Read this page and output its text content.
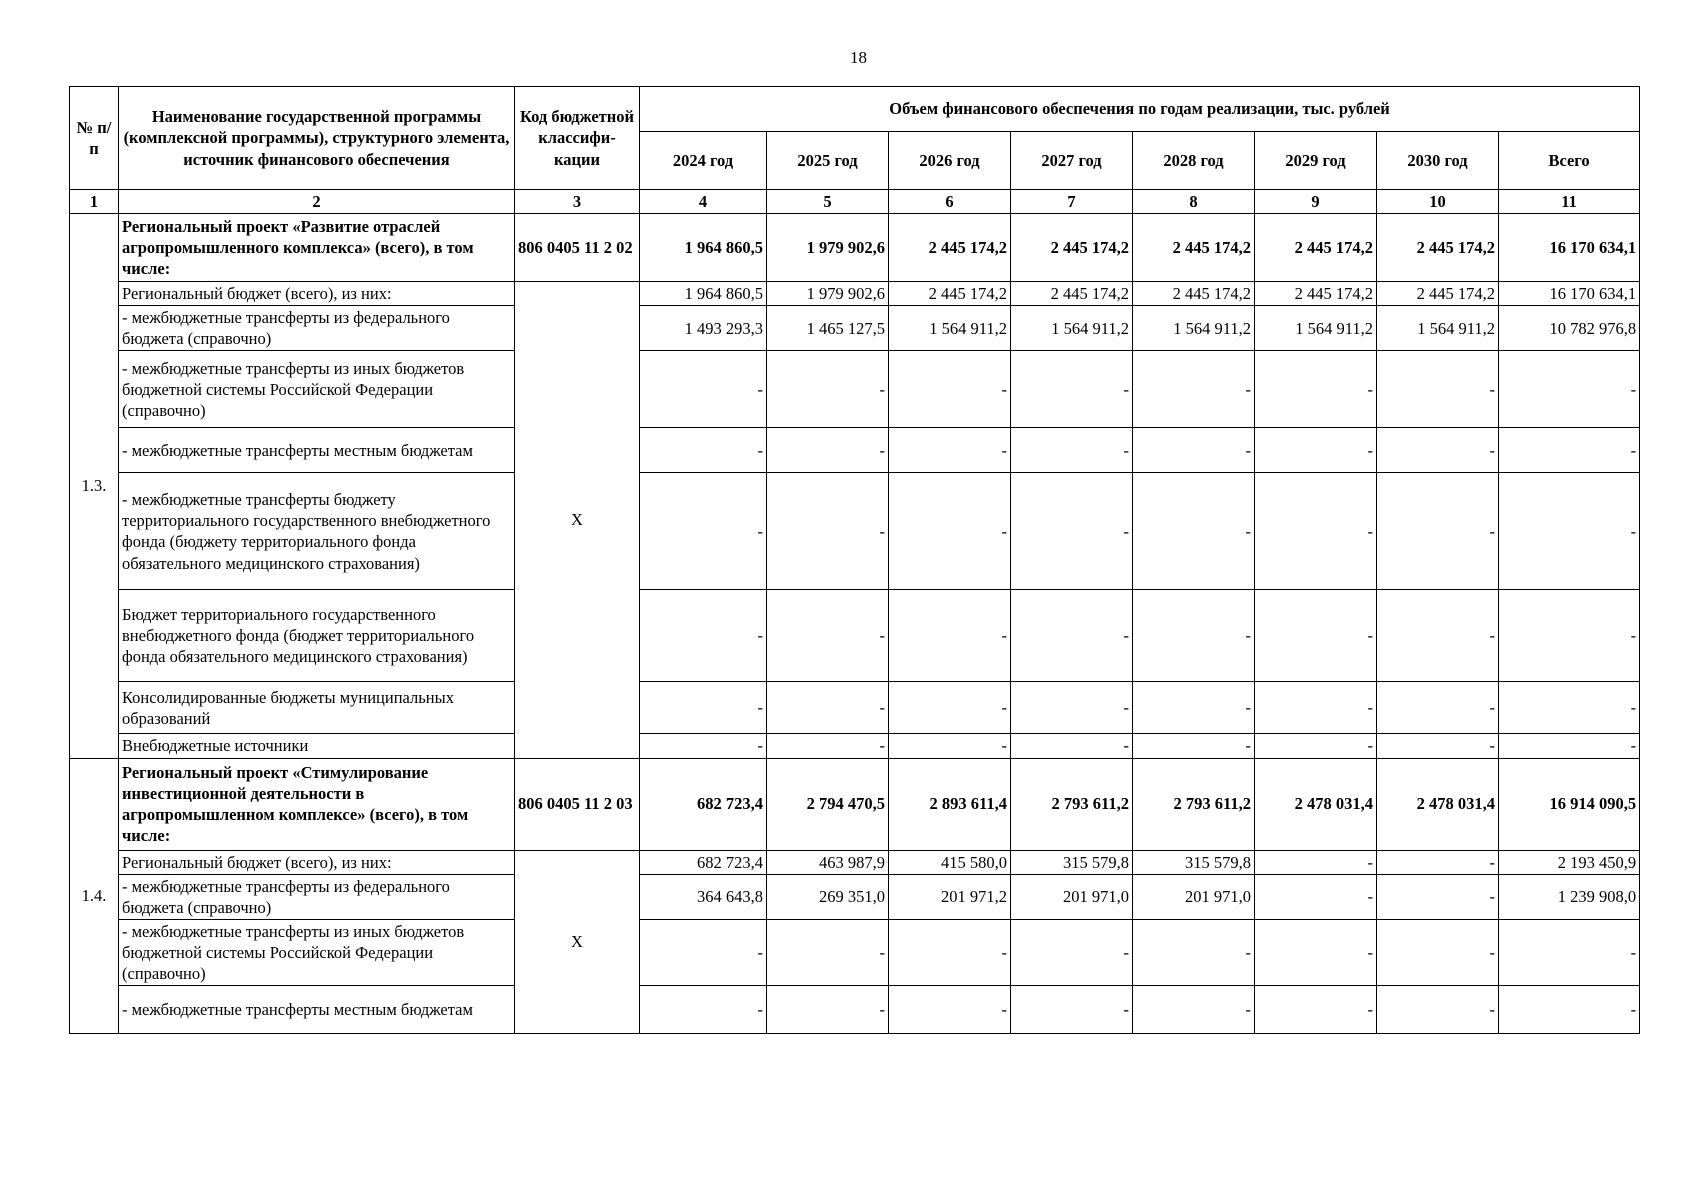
18
№ п/п	Наименование государственной программы (комплексной программы), структурного элемента, источник финансового обеспечения	Код бюджетной классифи-кации	Объем финансового обеспечения по годам реализации, тыс. рублей							
			2024 год	2025 год	2026 год	2027 год	2028 год	2029 год	2030 год	Всего
1	2	3	4	5	6	7	8	9	10	11
1.3.	Региональный проект «Развитие отраслей агропромышленного комплекса» (всего), в том числе:	806 0405 11 2 02	1 964 860,5	1 979 902,6	2 445 174,2	2 445 174,2	2 445 174,2	2 445 174,2	2 445 174,2	16 170 634,1
	Региональный бюджет (всего), из них:	Х	1 964 860,5	1 979 902,6	2 445 174,2	2 445 174,2	2 445 174,2	2 445 174,2	2 445 174,2	16 170 634,1
	- межбюджетные трансферты из федерального бюджета (справочно)		1 493 293,3	1 465 127,5	1 564 911,2	1 564 911,2	1 564 911,2	1 564 911,2	1 564 911,2	10 782 976,8
	- межбюджетные трансферты из иных бюджетов бюджетной системы Российской Федерации (справочно)		-	-	-	-	-	-	-	-
	- межбюджетные трансферты местным бюджетам		-	-	-	-	-	-	-	-
	- межбюджетные трансферты бюджету территориального государственного внебюджетного фонда (бюджету территориального фонда обязательного медицинского страхования)		-	-	-	-	-	-	-	-
	Бюджет территориального государственного внебюджетного фонда (бюджет территориального фонда обязательного медицинского страхования)		-	-	-	-	-	-	-	-
	Консолидированные бюджеты муниципальных образований		-	-	-	-	-	-	-	-
	Внебюджетные источники		-	-	-	-	-	-	-	-
1.4.	Региональный проект «Стимулирование инвестиционной деятельности в агропромышленном комплексе» (всего), в том числе:	806 0405 11 2 03	682 723,4	2 794 470,5	2 893 611,4	2 793 611,2	2 793 611,2	2 478 031,4	2 478 031,4	16 914 090,5
	Региональный бюджет (всего), из них:	Х	682 723,4	463 987,9	415 580,0	315 579,8	315 579,8	-	-	2 193 450,9
	- межбюджетные трансферты из федерального бюджета (справочно)		364 643,8	269 351,0	201 971,2	201 971,0	201 971,0	-	-	1 239 908,0
	- межбюджетные трансферты из иных бюджетов бюджетной системы Российской Федерации (справочно)		-	-	-	-	-	-	-	-
	- межбюджетные трансферты местным бюджетам		-	-	-	-	-	-	-	-
